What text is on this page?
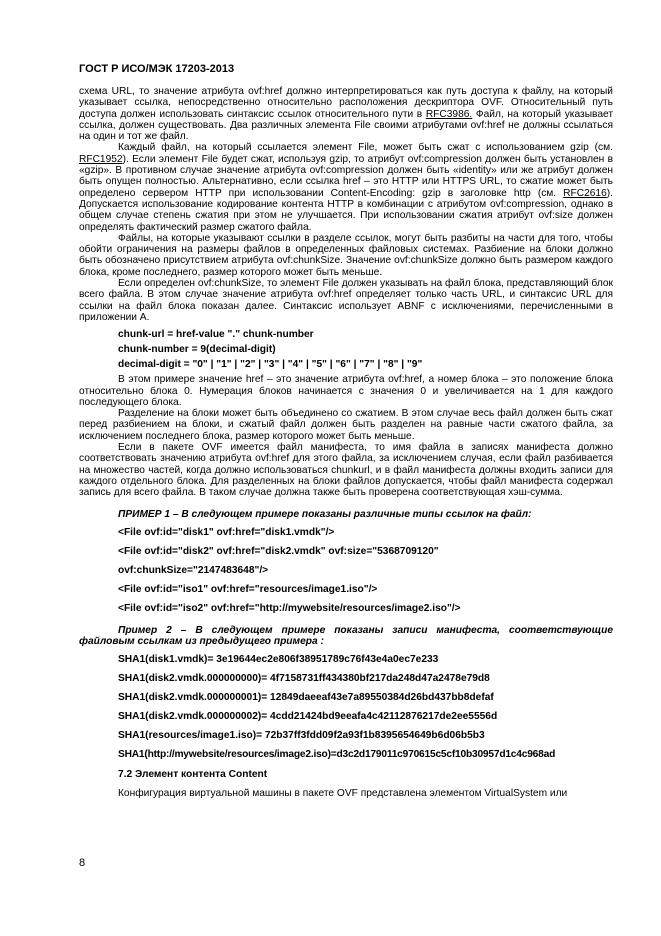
ГОСТ Р ИСО/МЭК 17203-2013

схема URL, то значение атрибута ovf:href должно интерпретироваться как путь доступа к файлу, на который указывает ссылка, непосредственно относительно расположения дескриптора OVF. Относительный путь доступа должен использовать синтаксис ссылок относительного пути в RFC3986. Файл, на который указывает ссылка, должен существовать. Два различных элемента File своими атрибутами ovf:href не должны ссылаться на один и тот же файл.

Каждый файл, на который ссылается элемент File, может быть сжат с использованием gzip (см. RFC1952). Если элемент File будет сжат, используя gzip, то атрибут ovf:compression должен быть установлен в «gzip». В противном случае значение атрибута ovf:compression должен быть «identity» или же атрибут должен быть опущен полностью. Альтернативно, если ссылка href – это HTTP или HTTPS URL, то сжатие может быть определено сервером HTTP при использовании Content-Encoding: gzip в заголовке http (см. RFC2616). Допускается использование кодирование контента HTTP в комбинации с атрибутом ovf:compression, однако в общем случае степень сжатия при этом не улучшается. При использовании сжатия атрибут ovf:size должен определять фактический размер сжатого файла.

Файлы, на которые указывают ссылки в разделе ссылок, могут быть разбиты на части для того, чтобы обойти ограничения на размеры файлов в определенных файловых системах. Разбиение на блоки должно быть обозначено присутствием атрибута ovf:chunkSize. Значение ovf:chunkSize должно быть размером каждого блока, кроме последнего, размер которого может быть меньше.

Если определен ovf:chunkSize, то элемент File должен указывать на файл блока, представляющий блок всего файла. В этом случае значение атрибута ovf:href определяет только часть URL, и синтаксис URL для ссылки на файл блока показан далее. Синтаксис использует ABNF с исключениями, перечисленными в приложении А.

chunk-url = href-value "." chunk-number

chunk-number = 9(decimal-digit)

decimal-digit = "0" | "1" | "2" | "3" | "4" | "5" | "6" | "7" | "8" | "9"

В этом примере значение href – это значение атрибута ovf:href, а номер блока – это положение блока относительно блока 0. Нумерация блоков начинается с значения 0 и увеличивается на 1 для каждого последующего блока.

Разделение на блоки может быть объединено со сжатием. В этом случае весь файл должен быть сжат перед разбиением на блоки, и сжатый файл должен быть разделен на равные части сжатого файла, за исключением последнего блока, размер которого может быть меньше.

Если в пакете OVF имеется файл манифеста, то имя файла в записях манифеста должно соответствовать значению атрибута ovf:href для этого файла, за исключением случая, если файл разбивается на множество частей, когда должно использоваться chunkurl, и в файл манифеста должны входить записи для каждого отдельного блока. Для разделенных на блоки файлов допускается, чтобы файл манифеста содержал запись для всего файла. В таком случае должна также быть проверена соответствующая хэш-сумма.

ПРИМЕР 1 – В следующем примере показаны различные типы ссылок на файл:

<File ovf:id="disk1" ovf:href="disk1.vmdk"/>

<File ovf:id="disk2" ovf:href="disk2.vmdk" ovf:size="5368709120"

ovf:chunkSize="2147483648"/>

<File ovf:id="iso1" ovf:href="resources/image1.iso"/>

<File ovf:id="iso2" ovf:href="http://mywebsite/resources/image2.iso"/>

Пример 2 – В следующем примере показаны записи манифеста, соответствующие файловым ссылкам из предыдущего примера :

SHA1(disk1.vmdk)= 3e19644ec2e806f38951789c76f43e4a0ec7e233

SHA1(disk2.vmdk.000000000)= 4f7158731ff434380bf217da248d47a2478e79d8

SHA1(disk2.vmdk.000000001)= 12849daeeaf43e7a89550384d26bd437bb8defaf

SHA1(disk2.vmdk.000000002)= 4cdd21424bd9eeafa4c42112876217de2ee5556d

SHA1(resources/image1.iso)= 72b37ff3fdd09f2a93f1b8395654649b6d06b5b3

SHA1(http://mywebsite/resources/image2.iso)=d3c2d179011c970615c5cf10b30957d1c4c968ad

7.2 Элемент контента Content

Конфигурация виртуальной машины в пакете OVF представлена элементом VirtualSystem или

8
